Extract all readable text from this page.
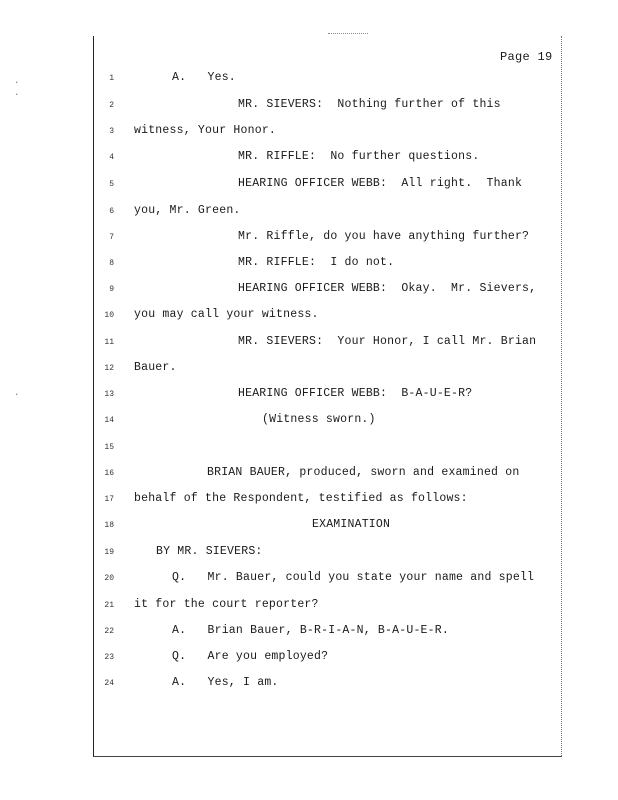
Page 19
1	A.   Yes.
2	MR. SIEVERS:  Nothing further of this
3 witness, Your Honor.
4	MR. RIFFLE:  No further questions.
5	HEARING OFFICER WEBB:  All right.  Thank
6 you, Mr. Green.
7	Mr. Riffle, do you have anything further?
8	MR. RIFFLE:  I do not.
9	HEARING OFFICER WEBB:  Okay.  Mr. Sievers,
10 you may call your witness.
11	MR. SIEVERS:  Your Honor, I call Mr. Brian
12 Bauer.
13	HEARING OFFICER WEBB:  B-A-U-E-R?
14	(Witness sworn.)
15
16	BRIAN BAUER, produced, sworn and examined on
17 behalf of the Respondent, testified as follows:
18	EXAMINATION
19	BY MR. SIEVERS:
20	Q.   Mr. Bauer, could you state your name and spell
21 it for the court reporter?
22	A.   Brian Bauer, B-R-I-A-N, B-A-U-E-R.
23	Q.   Are you employed?
24	A.   Yes, I am.
·
·
·
